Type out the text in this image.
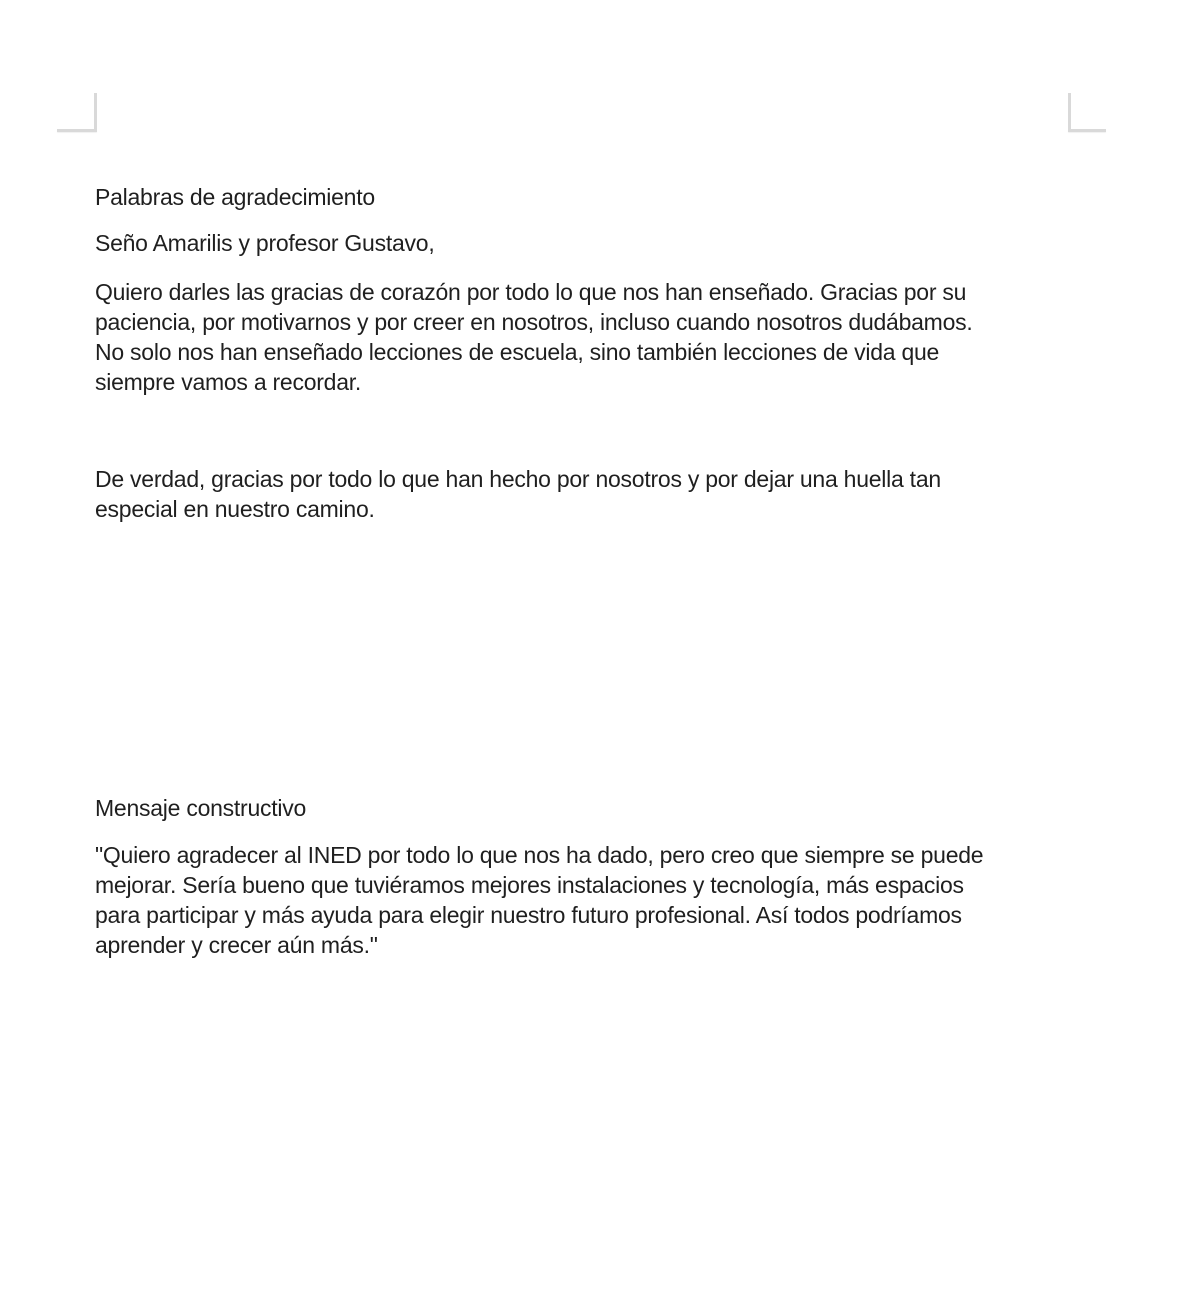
Palabras de agradecimiento
Seño Amarilis y profesor Gustavo,
Quiero darles las gracias de corazón por todo lo que nos han enseñado. Gracias por su
paciencia, por motivarnos y por creer en nosotros, incluso cuando nosotros dudábamos.
No solo nos han enseñado lecciones de escuela, sino también lecciones de vida que
siempre vamos a recordar.
De verdad, gracias por todo lo que han hecho por nosotros y por dejar una huella tan
especial en nuestro camino.
Mensaje constructivo
"Quiero agradecer al INED por todo lo que nos ha dado, pero creo que siempre se puede
mejorar. Sería bueno que tuviéramos mejores instalaciones y tecnología, más espacios
para participar y más ayuda para elegir nuestro futuro profesional. Así todos podríamos
aprender y crecer aún más."
